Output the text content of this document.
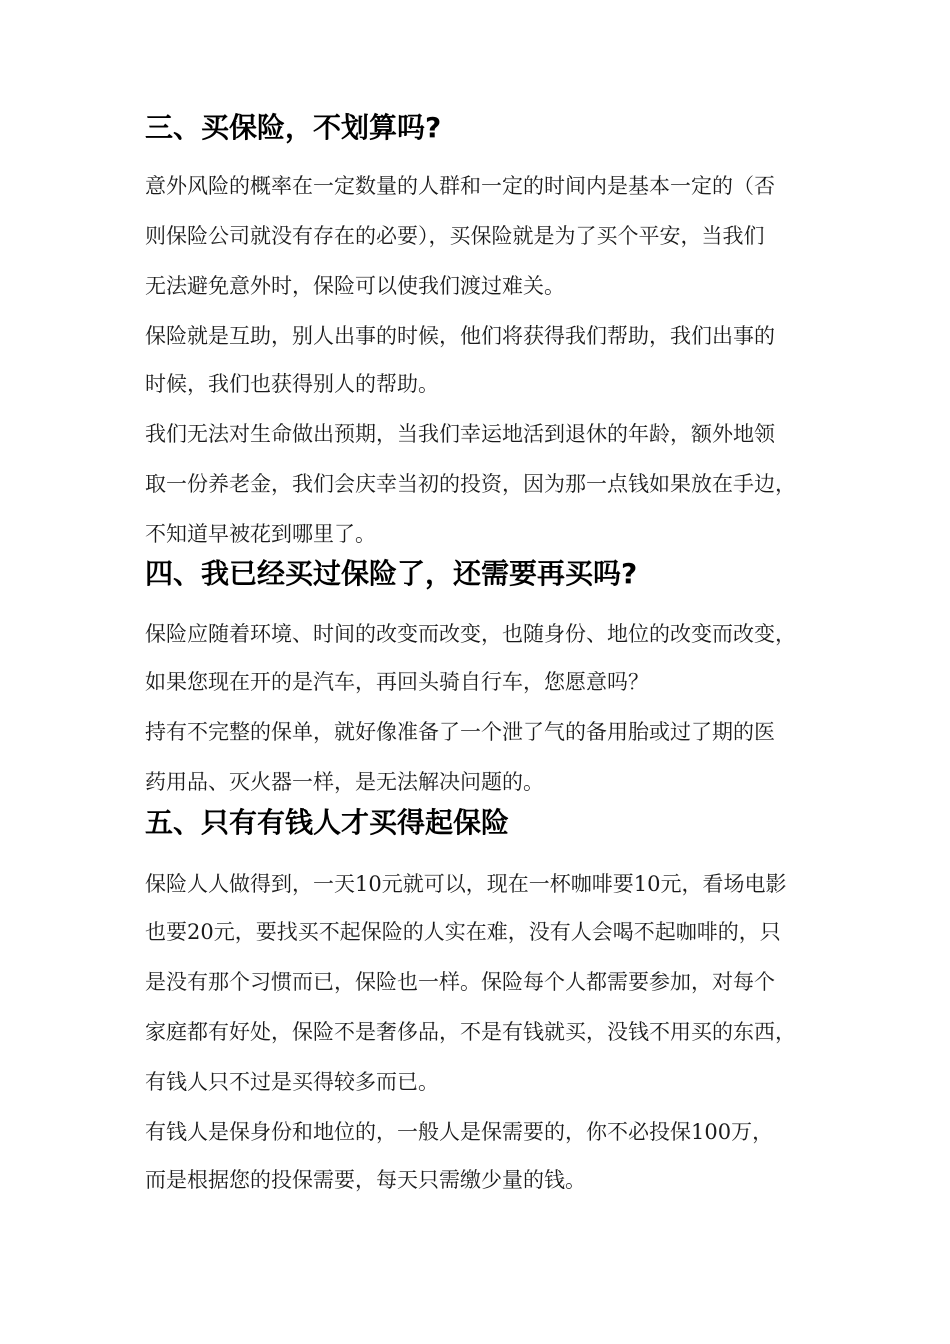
三、买保险，不划算吗?

意外风险的概率在一定数量的人群和一定的时间内是基本一定的（否

则保险公司就没有存在的必要），买保险就是为了买个平安，当我们

无法避免意外时，保险可以使我们渡过难关。

保险就是互助，别人出事的时候，他们将获得我们帮助，我们出事的

时候，我们也获得别人的帮助。

我们无法对生命做出预期，当我们幸运地活到退休的年龄，额外地领

取一份养老金，我们会庆幸当初的投资，因为那一点钱如果放在手边，

不知道早被花到哪里了。

四、我已经买过保险了，还需要再买吗?

保险应随着环境、时间的改变而改变，也随身份、地位的改变而改变，

如果您现在开的是汽车，再回头骑自行车，您愿意吗？

持有不完整的保单，就好像准备了一个泄了气的备用胎或过了期的医

药用品、灭火器一样，是无法解决问题的。

五、只有有钱人才买得起保险

保险人人做得到，一天10元就可以，现在一杯咖啡要10元，看场电影

也要20元，要找买不起保险的人实在难，没有人会喝不起咖啡的，只

是没有那个习惯而已，保险也一样。保险每个人都需要参加，对每个

家庭都有好处，保险不是奢侈品，不是有钱就买，没钱不用买的东西，

有钱人只不过是买得较多而已。

有钱人是保身份和地位的，一般人是保需要的，你不必投保100万，

而是根据您的投保需要，每天只需缴少量的钱。
